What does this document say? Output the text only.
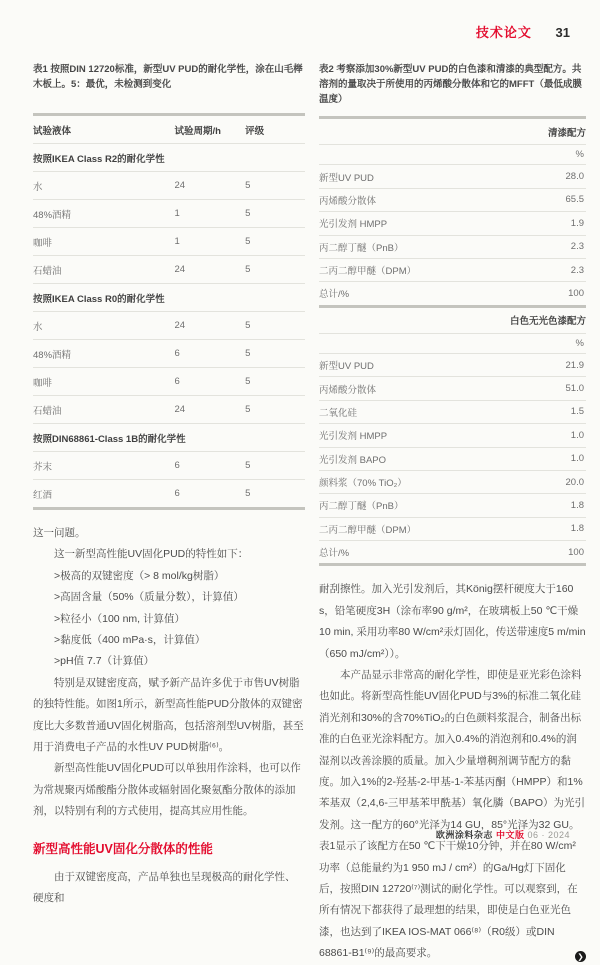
技术论文 31

表1 按照DIN 12720标准，新型UV PUD的耐化学性，涂在山毛榉木板上。5：最优，未检测到变化

试验液体	试验周期/h	评级
按照IKEA Class R2的耐化学性		
水	24	5
48%酒精	1	5
咖啡	1	5
石蜡油	24	5
按照IKEA Class R0的耐化学性		
水	24	5
48%酒精	6	5
咖啡	6	5
石蜡油	24	5
按照DIN68861-Class 1B的耐化学性		
芥末	6	5
红酒	6	5
这一问题。
这一新型高性能UV固化PUD的特性如下：
>极高的双键密度（> 8 mol/kg树脂）
>高固含量（50%（质量分数），计算值）
>粒径小（100 nm, 计算值）
>黏度低（400 mPa·s，计算值）
>pH值 7.7（计算值）
特别是双键密度高，赋予新产品许多优于市售UV树脂的独特性能。如图1所示，新型高性能PUD分散体的双键密度比大多数普通UV固化树脂高，包括溶剂型UV树脂，甚至用于消费电子产品的水性UV PUD树脂⁽⁶⁾。
新型高性能UV固化PUD可以单独用作涂料，也可以作为常规聚丙烯酸酯分散体或辐射固化聚氨酯分散体的添加剂，以特别有利的方式使用，提高其应用性能。
新型高性能UV固化分散体的性能
由于双键密度高，产品单独也呈现极高的耐化学性、硬度和

表2 考察添加30%新型UV PUD的白色漆和清漆的典型配方。共溶剂的量取决于所使用的丙烯酸分散体和它的MFFT（最低成膜温度）

清漆配方	
	%
新型UV PUD	28.0
丙烯酸分散体	65.5
光引发剂 HMPP	1.9
丙二醇丁醚（PnB）	2.3
二丙二醇甲醚（DPM）	2.3
总计/%	100
白色无光色漆配方	
	%
新型UV PUD	21.9
丙烯酸分散体	51.0
二氧化硅	1.5
光引发剂 HMPP	1.0
光引发剂 BAPO	1.0
颜料浆（70% TiO₂）	20.0
丙二醇丁醚（PnB）	1.8
二丙二醇甲醚（DPM）	1.8
总计/%	100
耐刮擦性。加入光引发剂后，其König摆杆硬度大于160 s，铅笔硬度3H（涂布率90 g/m²，在玻璃板上50 ℃干燥10 min, 采用功率80 W/cm²汞灯固化，传送带速度5 m/min（650 mJ/cm²））。
本产品显示非常高的耐化学性，即使是亚光彩色涂料也如此。将新型高性能UV固化PUD与3%的标准二氧化硅消光剂和30%的含70%TiO₂的白色颜料浆混合，制备出标准的白色亚光涂料配方。加入0.4%的消泡剂和0.4%的润湿剂以改善涂膜的质量。加入少量增稠剂调节配方的黏度。加入1%的2-羟基-2-甲基-1-苯基丙酮（HMPP）和1%苯基双（2,4,6-三甲基苯甲酰基）氧化膦（BAPO）为光引发剂。这一配方的60°光泽为14 GU，85°光泽为32 GU。表1显示了该配方在50 ℃下干燥10分钟，并在80 W/cm²功率（总能量约为1 950 mJ / cm²）的Ga/Hg灯下固化后，按照DIN 12720⁽⁷⁾测试的耐化学性。可以观察到，在所有情况下都获得了最理想的结果，即使是白色亚光色漆，也达到了IKEA IOS-MAT 066⁽⁸⁾（R0级）或DIN 68861-B1⁽⁹⁾的最高要求。	❯
欧洲涂料杂志 中文版 06 · 2024
